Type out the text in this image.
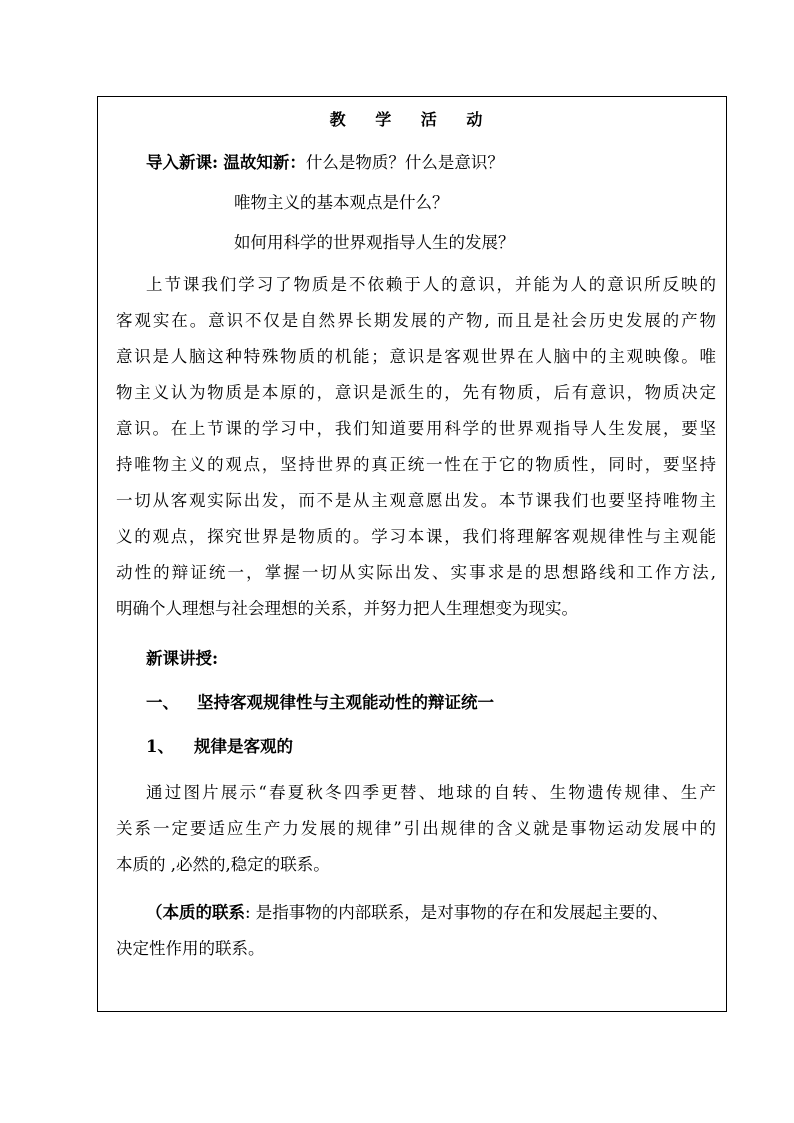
教 学 活 动
导入新课: 温故知新：什么是物质？什么是意识？
唯物主义的基本观点是什么？
如何用科学的世界观指导人生的发展？
上节课我们学习了物质是不依赖于人的意识，并能为人的意识所反映的
客观实在。意识不仅是自然界长期发展的产物, 而且是社会历史发展的产物
意识是人脑这种特殊物质的机能；意识是客观世界在人脑中的主观映像。唯
物主义认为物质是本原的，意识是派生的，先有物质，后有意识，物质决定
意识。在上节课的学习中，我们知道要用科学的世界观指导人生发展，要坚
持唯物主义的观点，坚持世界的真正统一性在于它的物质性，同时，要坚持
一切从客观实际出发，而不是从主观意愿出发。本节课我们也要坚持唯物主
义的观点，探究世界是物质的。学习本课，我们将理解客观规律性与主观能
动性的辩证统一，掌握一切从实际出发、实事求是的思想路线和工作方法,
明确个人理想与社会理想的关系，并努力把人生理想变为现实。
新课讲授:
一、 坚持客观规律性与主观能动性的辩证统一
1、 规律是客观的
通过图片展示“春夏秋冬四季更替、地球的自转、生物遗传规律、生产
关系一定要适应生产力发展的规律”引出规律的含义就是事物运动发展中的
本质的 ,必然的,稳定的联系。
（本质的联系: 是指事物的内部联系，是对事物的存在和发展起主要的、
决定性作用的联系。
